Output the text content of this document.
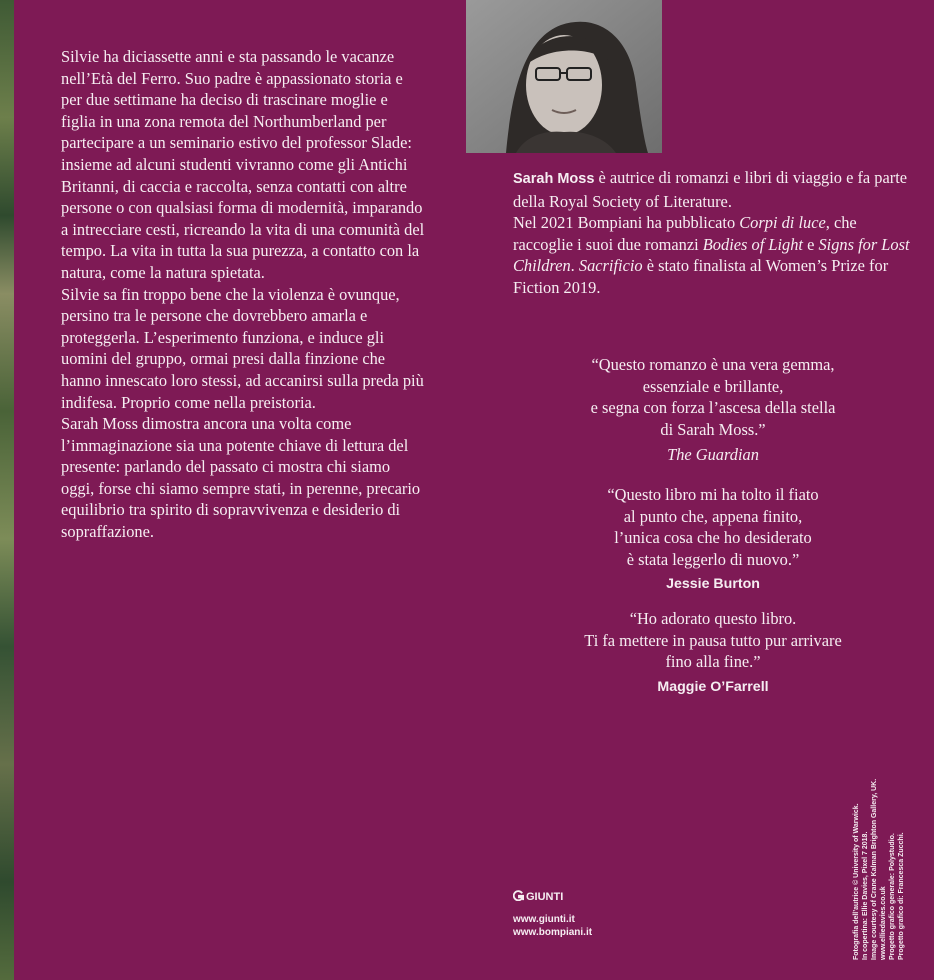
Silvie ha diciassette anni e sta passando le vacanze nell’Età del Ferro. Suo padre è appassionato storia e per due settimane ha deciso di trascinare moglie e figlia in una zona remota del Northumberland per partecipare a un seminario estivo del professor Slade: insieme ad alcuni studenti vivranno come gli Antichi Britanni, di caccia e raccolta, senza contatti con altre persone o con qualsiasi forma di modernità, imparando a intrecciare cesti, ricreando la vita di una comunità del tempo. La vita in tutta la sua purezza, a contatto con la natura, come la natura spietata.

Silvie sa fin troppo bene che la violenza è ovunque, persino tra le persone che dovrebbero amarla e proteggerla. L’esperimento funziona, e induce gli uomini del gruppo, ormai presi dalla finzione che hanno innescato loro stessi, ad accanirsi sulla preda più indifesa. Proprio come nella preistoria.

Sarah Moss dimostra ancora una volta come l’immaginazione sia una potente chiave di lettura del presente: parlando del passato ci mostra chi siamo oggi, forse chi siamo sempre stati, in perenne, precario equilibrio tra spirito di sopravvivenza e desiderio di sopraffazione.

Sarah Moss è autrice di romanzi e libri di viaggio e fa parte della Royal Society of Literature.

Nel 2021 Bompiani ha pubblicato Corpi di luce, che raccoglie i suoi due romanzi Bodies of Light e Signs for Lost Children. Sacrificio è stato finalista al Women’s Prize for Fiction 2019.

“Questo romanzo è una vera gemma,

essenziale e brillante,

e segna con forza l’ascesa della stella

di Sarah Moss.”

The Guardian

“Questo libro mi ha tolto il fiato

al punto che, appena finito,

l’unica cosa che ho desiderato

è stata leggerlo di nuovo.”

Jessie Burton

“Ho adorato questo libro.

Ti fa mettere in pausa tutto pur arrivare

fino alla fine.”

Maggie O’Farrell
GIUNTI
www.giunti.it
www.bompiani.it	Fotografia dell’autrice © University of Warwick. In copertina: Ellie Davies, Pixel 7 2018. Image courtesy of Crane Kalman Brighton Gallery, UK. www.elliedavies.co.uk Progetto grafico generale: Polystudio. Progetto grafico di: Francesca Zucchi.
